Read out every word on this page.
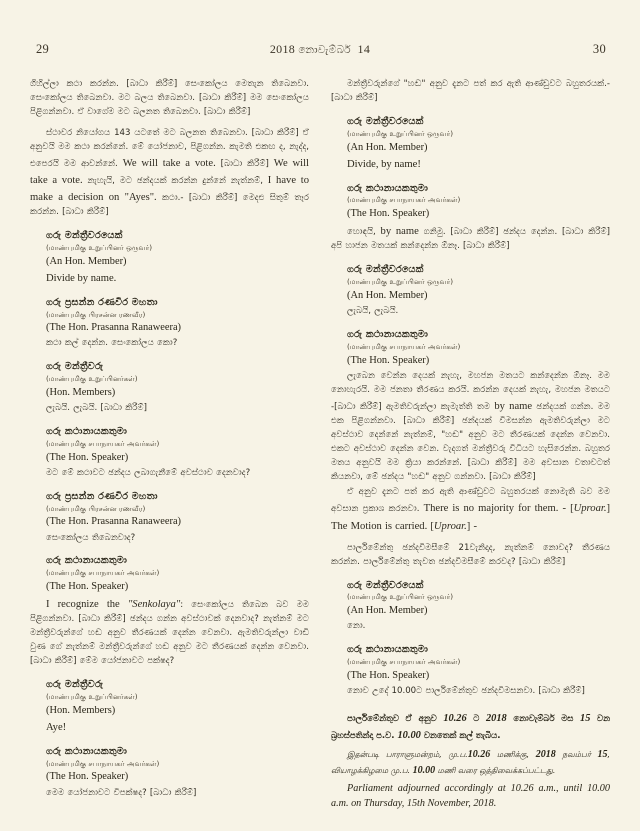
29	2018 නොවැම්බර් 14	30

ගිහිල්ලා කථා කරන්න. [බාධා කිරීම්] සෙංකෝලය මෙතැන තිබෙනවා. සෙංකෝලය තිබෙනවා. මට බලය තිබෙනවා. [බාධා කිරීම්] මම සෙංකෝලය පිළිගන්නවා. ඒ වාගේම මට බලනත තිබෙනවා. [බාධා කිරීම්]

ස්ථාවර නියෝගය 143 යටතේ මට බලනත තිබෙනවා. [බාධා කිරීම්] ඒ අනුවයි මම කථා කරන්නේ. මේ යෝජනාව, පිළිගන්න. කැමති එකඟ ද, නැද්ද, එපෙරයි මම ආවන්නේ. We will take a vote. [බාධා කිරීම්] We will take a vote. නැහැයි, මට ඡන්දයක් කරන්න දුන්නේ නැත්නම්, I have to make a decision on "Ayes". කථා.- [බාධා කිරීම්] මෙදළු සිතුම් තෑර කරන්න. [බාධා කිරීම්]

ගරු මන්ත්‍රීවරයෙක්
(மாண்புமிகு உறுப்பினர் ஒருவர்)
(An Hon. Member)

Divide by name.

ගරු ප්‍රසන්න රණවීර මහතා
(மாண்புமிகு பிரசன்ன ரணவீர)
(The Hon. Prasanna Ranaweera)

කථා කල් දෙන්න. සෙංකෝලය කො?

ගරු මන්ත්‍රීවරු
(மாண்புமிகு உறுப்பினர்கள்)
(Hon. Members)

ලැබයි. ලැබයි. [බාධා කිරීම්]

ගරු කථානායකතුමා
(மாண்புமிகு சபாநாயகர் அவர்கள்)
(The Hon. Speaker)

මට මේ කථාවට ඡන්දය ලබාගැනීමේ අවස්ථාව දෙනවාද?

ගරු ප්‍රසන්න රණවීර මහතා
(மாண்புமிகு பிரசன்ன ரணவீர)
(The Hon. Prasanna Ranaweera)

සෙංකෝලය තිබෙනවාද?

ගරු කථානායකතුමා
(மாண்புமிகு சபாநாயகர் அவர்கள்)
(The Hon. Speaker)

I recognize the "Senkolaya": සෙංකෝලය තිබෙන බව මම පිළිගන්නවා. [බාධා කිරීම්] ඡන්දය ගන්න අවස්ථාවක් දෙනවාද? නැත්නම් මට මන්ත්‍රීවරුන්ගේ හඬ අනුව තීරණයක් දෙන්න වෙනවා. ඇමතිවරුන්ලා වාඩි වුණ ගේ නැත්නම් මන්ත්‍රීවරුන්ගේ හඬ අනුව මට තීරණයක් දෙන්න වෙනවා. [බාධා කිරීම්] මේම යෝජනාවට පක්ෂද?

ගරු මන්ත්‍රීවරු
(மாண்புமிகு உறுப்பினர்கள்)
(Hon. Members)

Aye!

ගරු කථානායකතුමා
(மாண்புமிகு சபாநாயகர் அவர்கள்)
(The Hon. Speaker)

මෙම යෝජනාවට විපක්ෂද? [බාධා කිරීම්]

මන්ත්‍රීවරුන්ගේ "හඬ" අනුව දැනට පත් කර ඇති ආණ්ඩුවට බහුතරයක්.- [බාධා කිරීම්]

ගරු මන්ත්‍රීවරයෙක්
(மாண்புமிகு உறுப்பினர் ஒருவர்)
(An Hon. Member)

Divide, by name!

ගරු කථානායකතුමා
(மாண்புமிகு சபாநாயகர் அவர்கள்)
(The Hon. Speaker)

හොඳයි, by name ගනිමු. [බාධා කිරීම්] ඡන්දය දෙන්න. [බාධා කිරීම්] අපි හාජන මතයක් කන්දෙන්න ඕනෑ. [බාධා කිරීම්]

ගරු මන්ත්‍රීවරයෙක්
(மாண்புமிகு உறுப்பினர் ஒருவர்)
(An Hon. Member)

ලැබයි, ලැබයි.

ගරු කථානායකතුමා
(மாண்புமிகு சபாநாயகர் அவர்கள்)
(The Hon. Speaker)

ලැබෙන වෙන්න දෙයක් නැහැ, මහජන මතයට කන්දෙන්න ඕනෑ. මම නොහැරයි. මම ජනතා තීරණය කරයි. කරන්න දෙයක් නැහැ, මහජන මතයට -[බාධා කිරීම්] ඇමතිවරුන්ලා කැමැත්ති තම by name ඡන්දයක් ගන්න. මම එක පිළිගන්නවා. [බාධා කිරීම්] ඡන්දයක් විමසන්න ඇමතිවරුන්ලා මට අවස්ථාව දෙන්නේ නැත්නම්, "හඬ" අනුව මට තීරණයක් දෙන්න වෙනවා. එකට අවස්ථාව දෙන්න වෙන. වැදගත් මන්ත්‍රීවරු විධියට හැසිරෙන්න. බහුතර මතය අනුවයි මම ක්‍රියා කරන්නේ. [බාධා කිරීම්] මම අවසාන වතාවටත් කියනවා, මේ ඡන්දය "හඬ" අනුව ගන්නවා. [බාධා කිරීම්]

ඒ අනුව දැනට පත් කර ඇති ආණ්ඩුවට බහුතරයක් නොමැති බව මම අවසාන ප්‍රකාශ කරනවා. There is no majority for them. - [Uproar.] The Motion is carried. [Uproar.] -

පාර්ලිමේන්තු ඡන්දවිමසීමේ 21වැනිදාද, නැත්නම් නොවද? තීරණය කරන්න. පාර්ලිමේන්තු තැවත ඡන්දවිමසීමේ කරවද? [බාධා කිරීම්]

ගරු මන්ත්‍රීවරයෙක්
(மாண்புமிகு உறுப்பினர் ஒருவர்)
(An Hon. Member)

නො.

ගරු කථානායකතුමා
(மாண்புமிகு சபாநாயகர் அவர்கள்)
(The Hon. Speaker)

නොව උදේ 10.00ට පාර්ලිමේන්තුව ඡන්දවිමසනවා. [බාධා කිරීම්]

පාර්ලිමේන්තුව ඒ අනුව 10.26 ට 2018 නොවැම්බර් මස 15 වන බ්‍රහස්පතින්දා ප.ව. 10.00 වනතෙක් කල් තැබිය.

இதன்படி பாராளுமன்றம், மு.ப.10.26 மணிக்கு, 2018 நவம்பர் 15, வியாழக்கிழமை மு.ப. 10.00 மணி வரை ஒத்திவைக்கப்பட்டது.

Parliament adjourned accordingly at 10.26 a.m., until 10.00 a.m. on Thursday, 15th November, 2018.
